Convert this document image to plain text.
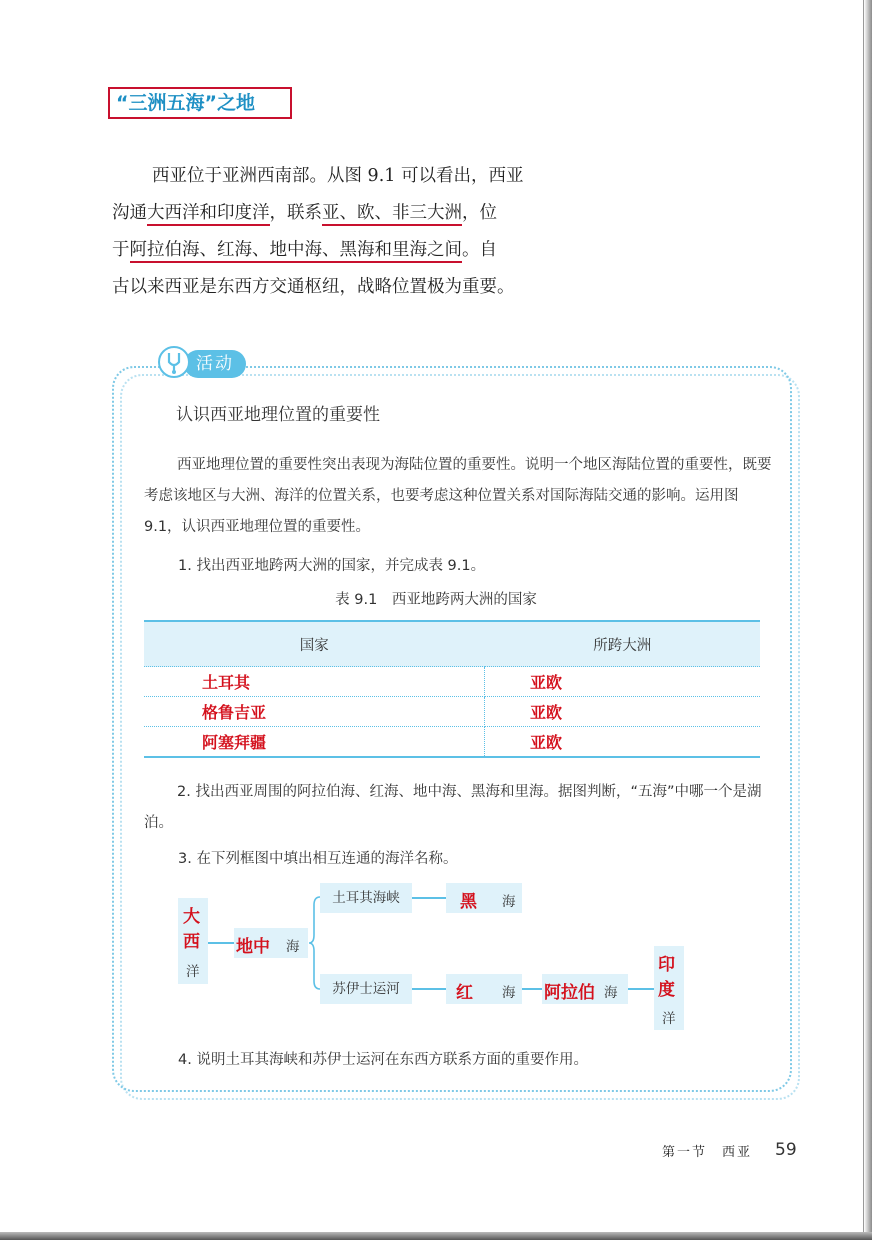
“三洲五海”之地

西亚位于亚洲西南部。从图 9.1 可以看出，西亚

沟通大西洋和印度洋，联系亚、欧、非三大洲，位

于阿拉伯海、红海、地中海、黑海和里海之间。自

古以来西亚是东西方交通枢纽，战略位置极为重要。

活动
认识西亚地理位置的重要性

西亚地理位置的重要性突出表现为海陆位置的重要性。说明一个地区海陆位置的重要性，既要考虑该地区与大洲、海洋的位置关系，也要考虑这种位置关系对国际海陆交通的影响。运用图 9.1，认识西亚地理位置的重要性。

1. 找出西亚地跨两大洲的国家，并完成表 9.1。
表 9.1　西亚地跨两大洲的国家
国家	所跨大洲
土耳其	亚欧
格鲁吉亚	亚欧
阿塞拜疆	亚欧

2. 找出西亚周围的阿拉伯海、红海、地中海、黑海和里海。据图判断，“五海”中哪一个是湖泊。

3. 在下列框图中填出相互连通的海洋名称。
大
西
洋
地中 海
土耳其海峡	黑 海
苏伊士运河	红 海 阿拉伯 海
印
度
洋
4. 说明土耳其海峡和苏伊士运河在东西方联系方面的重要作用。
第一节　西亚 59
